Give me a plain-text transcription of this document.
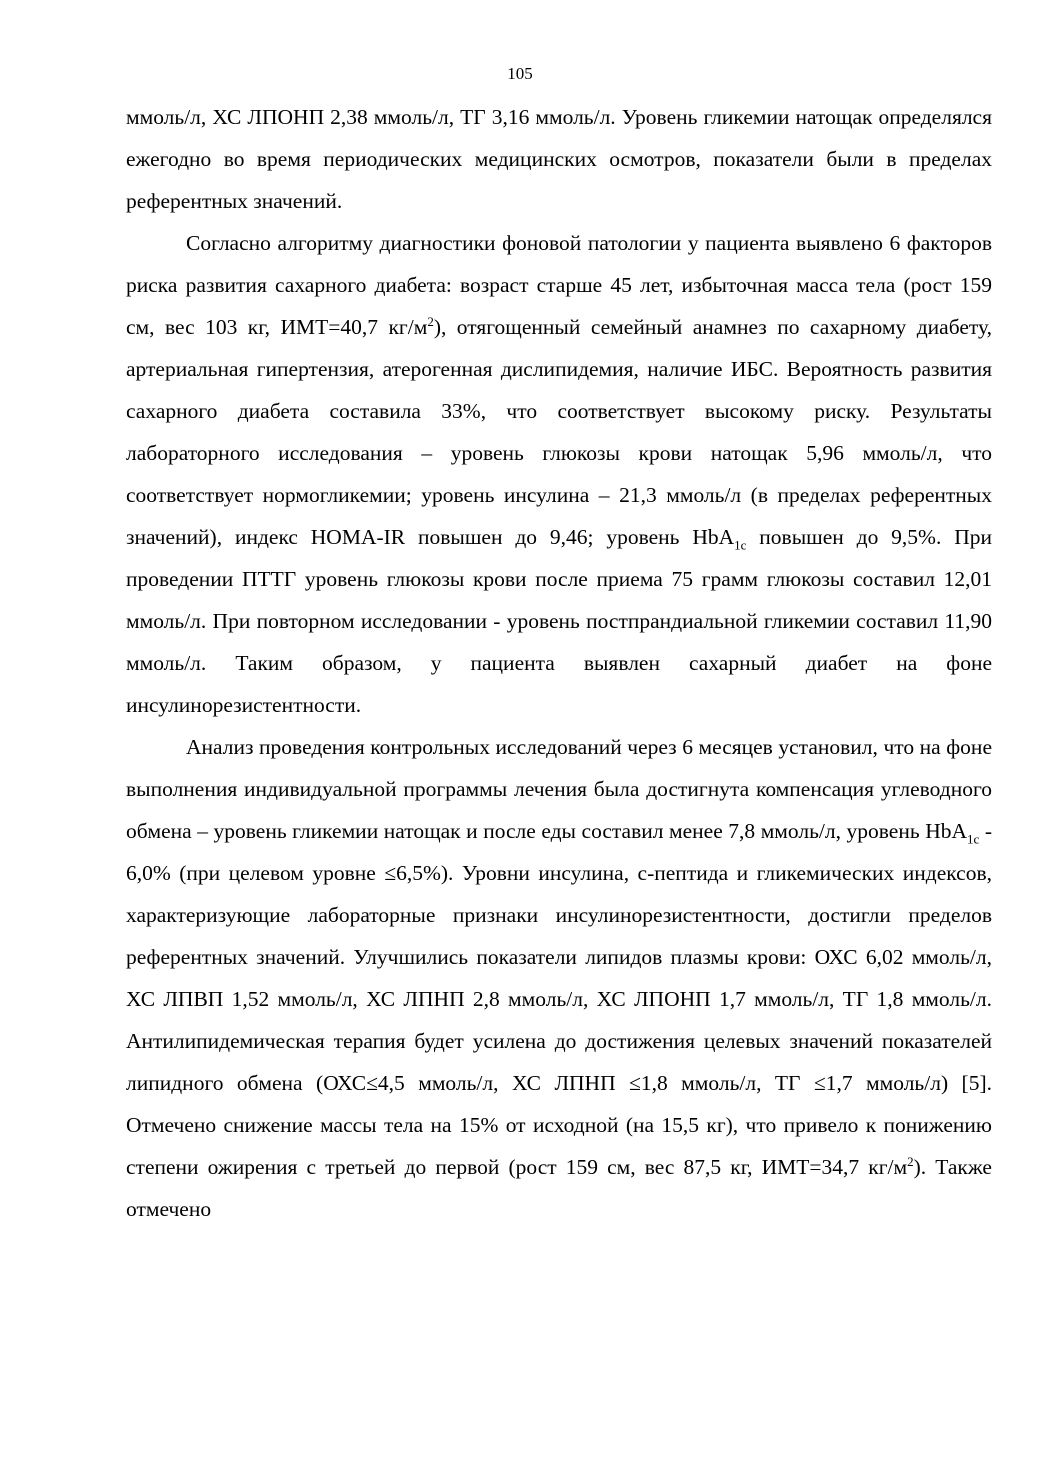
105

ммоль/л, ХС ЛПОНП 2,38 ммоль/л, ТГ 3,16 ммоль/л. Уровень гликемии натощак определялся ежегодно во время периодических медицинских осмотров, показатели были в пределах референтных значений.

Согласно алгоритму диагностики фоновой патологии у пациента выявлено 6 факторов риска развития сахарного диабета: возраст старше 45 лет, избыточная масса тела (рост 159 см, вес 103 кг, ИМТ=40,7 $кг/м^2$), отягощенный семейный анамнез по сахарному диабету, артериальная гипертензия, атерогенная дислипидемия, наличие ИБС. Вероятность развития сахарного диабета составила 33%, что соответствует высокому риску. Результаты лабораторного исследования – уровень глюкозы крови натощак 5,96 ммоль/л, что соответствует нормогликемии; уровень инсулина – 21,3 ммоль/л (в пределах референтных значений), индекс НОМА-IR повышен до 9,46; уровень НbA$_{1c}$ повышен до 9,5%. При проведении ПТТГ уровень глюкозы крови после приема 75 грамм глюкозы составил 12,01 ммоль/л. При повторном исследовании - уровень постпрандиальной гликемии составил 11,90 ммоль/л. Таким образом, у пациента выявлен сахарный диабет на фоне инсулинорезистентности.

Анализ проведения контрольных исследований через 6 месяцев установил, что на фоне выполнения индивидуальной программы лечения была достигнута компенсация углеводного обмена – уровень гликемии натощак и после еды составил менее 7,8 ммоль/л, уровень НbA$_{1c}$ - 6,0% (при целевом уровне ≤6,5%). Уровни инсулина, с-пептида и гликемических индексов, характеризующие лабораторные признаки инсулинорезистентности, достигли пределов референтных значений. Улучшились показатели липидов плазмы крови: ОХС 6,02 ммоль/л, ХС ЛПВП 1,52 ммоль/л, ХС ЛПНП 2,8 ммоль/л, ХС ЛПОНП 1,7 ммоль/л, ТГ 1,8 ммоль/л. Антилипидемическая терапия будет усилена до достижения целевых значений показателей липидного обмена (ОХС≤4,5 ммоль/л, ХС ЛПНП ≤1,8 ммоль/л, ТГ ≤1,7 ммоль/л) [5]. Отмечено снижение массы тела на 15% от исходной (на 15,5 кг), что привело к понижению степени ожирения с третьей до первой (рост 159 см, вес 87,5 кг, ИМТ=34,7 $кг/м^2$). Также отмечено
